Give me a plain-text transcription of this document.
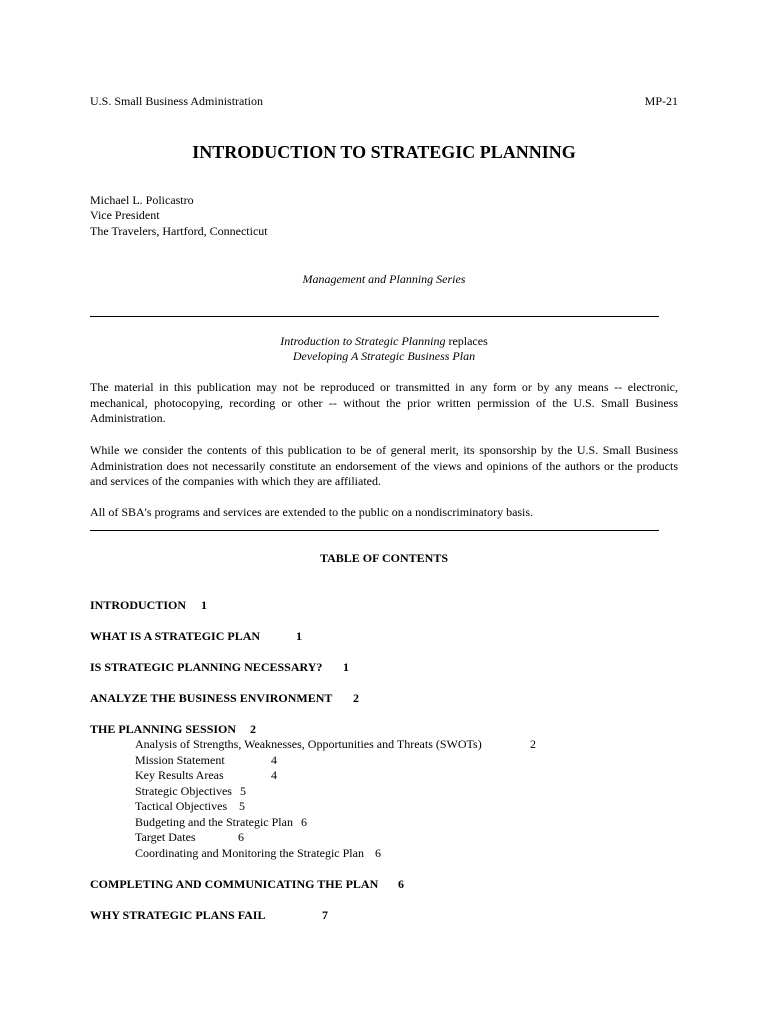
U.S. Small Business Administration	MP-21
INTRODUCTION TO STRATEGIC PLANNING
Michael L. Policastro
Vice President
The Travelers, Hartford, Connecticut
Management and Planning Series
Introduction to Strategic Planning replaces
Developing A Strategic Business Plan
The material in this publication may not be reproduced or transmitted in any form or by any means -- electronic, mechanical, photocopying, recording or other -- without the prior written permission of the U.S. Small Business Administration.
While we consider the contents of this publication to be of general merit, its sponsorship by the U.S. Small Business Administration does not necessarily constitute an endorsement of the views and opinions of the authors or the products and services of the companies with which they are affiliated.
All of SBA's programs and services are extended to the public on a nondiscriminatory basis.
TABLE OF CONTENTS
INTRODUCTION 1
WHAT IS A STRATEGIC PLAN	1
IS STRATEGIC PLANNING NECESSARY? 1
ANALYZE THE BUSINESS ENVIRONMENT 2
THE PLANNING SESSION 2
Analysis of Strengths, Weaknesses, Opportunities and Threats (SWOTs)	2
Mission Statement	4
Key Results Areas	4
Strategic Objectives 5
Tactical Objectives 5
Budgeting and the Strategic Plan 6
Target Dates	6
Coordinating and Monitoring the Strategic Plan 6
COMPLETING AND COMMUNICATING THE PLAN 6
WHY STRATEGIC PLANS FAIL	7
